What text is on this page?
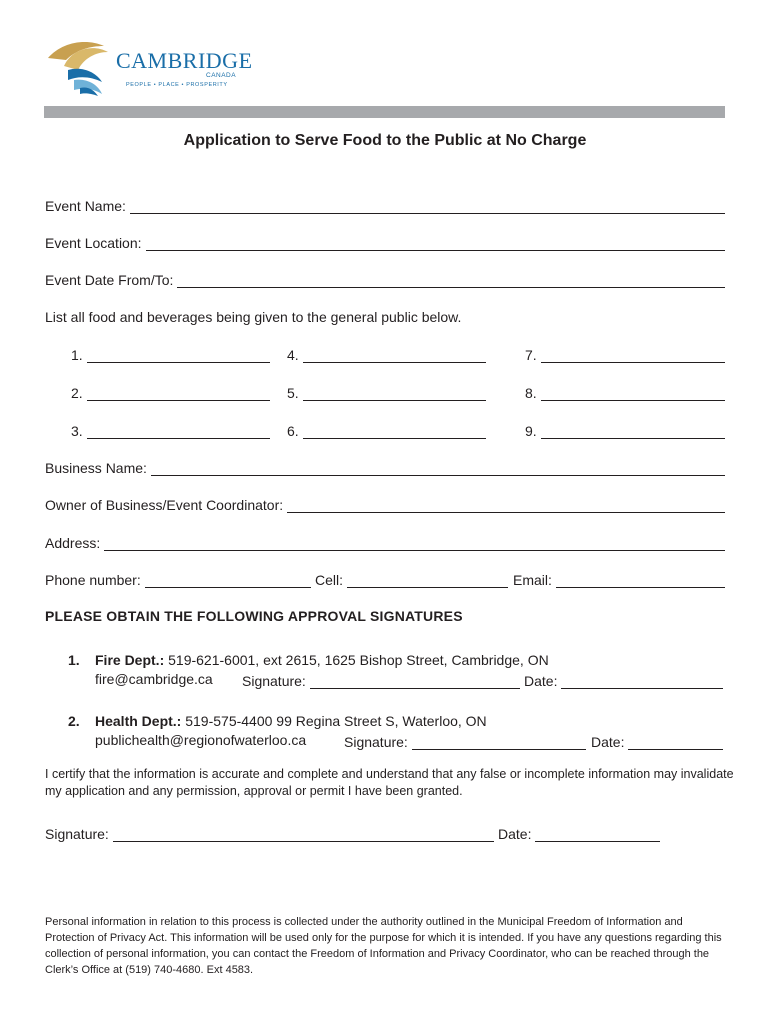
CAMBRIDGE
CANADA
PEOPLE • PLACE • PROSPERITY
Application to Serve Food to the Public at No Charge
Event Name:
Event Location:
Event Date From/To:
List all food and beverages being given to the general public below.
1.
2.
3.
4.
5.
6.
7.
8.
9.
Business Name:
Owner of Business/Event Coordinator:
Address:
Phone number:	Cell:	Email:
PLEASE OBTAIN THE FOLLOWING APPROVAL SIGNATURES
1. Fire Dept.: 519-621-6001, ext 2615, 1625 Bishop Street, Cambridge, ON
fire@cambridge.ca Signature:	Date:
2. Health Dept.: 519-575-4400 99 Regina Street S, Waterloo, ON
publichealth@regionofwaterloo.ca	Signature:	Date:
I certify that the information is accurate and complete and understand that any false or incomplete information may invalidate my application and any permission, approval or permit I have been granted.
Signature:	Date:
Personal information in relation to this process is collected under the authority outlined in the Municipal Freedom of Information and Protection of Privacy Act. This information will be used only for the purpose for which it is intended. If you have any questions regarding this collection of personal information, you can contact the Freedom of Information and Privacy Coordinator, who can be reached through the Clerk’s Office at (519) 740-4680. Ext 4583.
